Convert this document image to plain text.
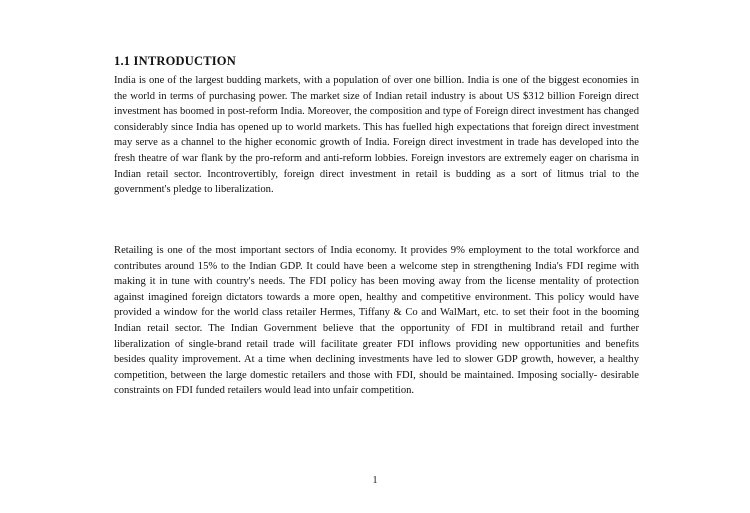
1.1 INTRODUCTION

India is one of the largest budding markets, with a population of over one billion. India is one of the biggest economies in the world in terms of purchasing power. The market size of Indian retail industry is about US $312 billion Foreign direct investment has boomed in post-reform India. Moreover, the composition and type of Foreign direct investment has changed considerably since India has opened up to world markets. This has fuelled high expectations that foreign direct investment may serve as a channel to the higher economic growth of India. Foreign direct investment in trade has developed into the fresh theatre of war flank by the pro-reform and anti-reform lobbies. Foreign investors are extremely eager on charisma in Indian retail sector. Incontrovertibly, foreign direct investment in retail is budding as a sort of litmus trial to the government's pledge to liberalization.

Retailing is one of the most important sectors of India economy. It provides 9% employment to the total workforce and contributes around 15% to the Indian GDP. It could have been a welcome step in strengthening India's FDI regime with making it in tune with country's needs. The FDI policy has been moving away from the license mentality of protection against imagined foreign dictators towards a more open, healthy and competitive environment. This policy would have provided a window for the world class retailer Hermes, Tiffany & Co and WalMart, etc. to set their foot in the booming Indian retail sector. The Indian Government believe that the opportunity of FDI in multibrand retail and further liberalization of single-brand retail trade will facilitate greater FDI inflows providing new opportunities and benefits besides quality improvement. At a time when declining investments have led to slower GDP growth, however, a healthy competition, between the large domestic retailers and those with FDI, should be maintained. Imposing socially- desirable constraints on FDI funded retailers would lead into unfair competition.

1
